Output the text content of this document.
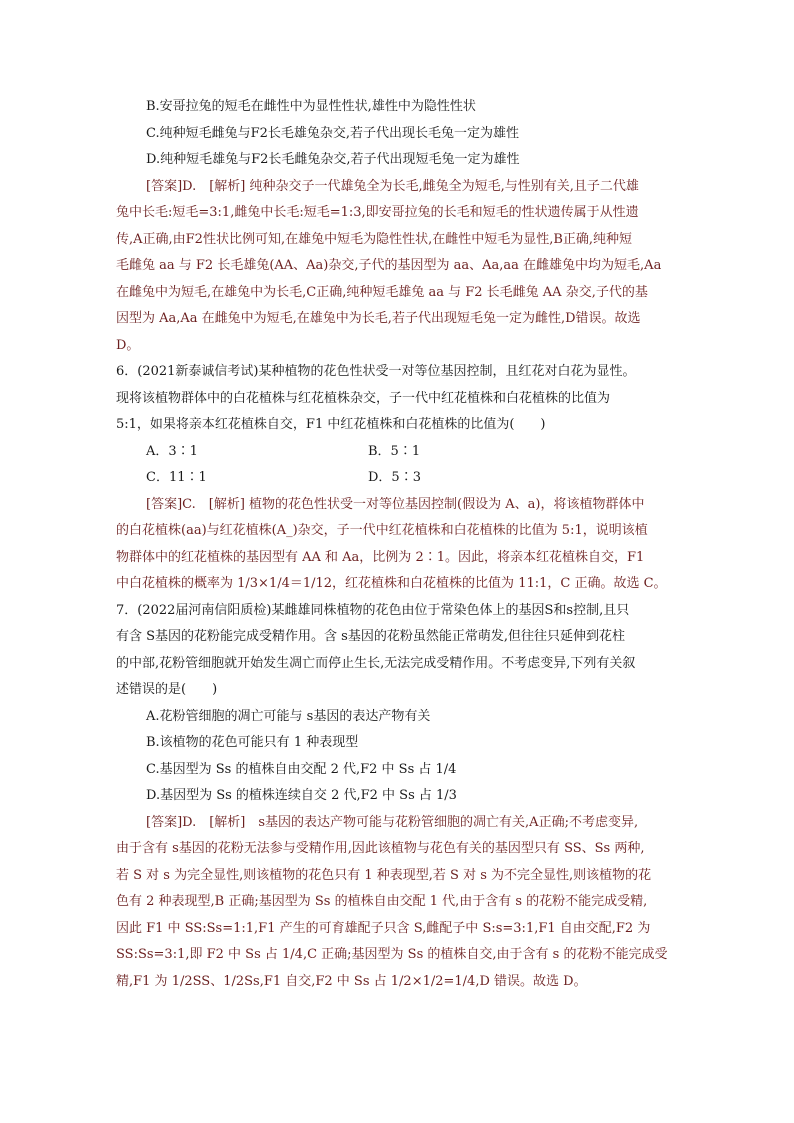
B.安哥拉兔的短毛在雌性中为显性性状,雄性中为隐性性状
C.纯种短毛雌兔与F2长毛雄兔杂交,若子代出现长毛兔一定为雄性
D.纯种短毛雄兔与F2长毛雌兔杂交,若子代出现短毛兔一定为雄性
[答案]D.　[解析] 纯种杂交子一代雄兔全为长毛,雌兔全为短毛,与性别有关,且子二代雄
兔中长毛:短毛=3:1,雌兔中长毛:短毛=1:3,即安哥拉兔的长毛和短毛的性状遗传属于从性遗
传,A正确,由F2性状比例可知,在雄兔中短毛为隐性性状,在雌性中短毛为显性,B正确,纯种短
毛雌兔 aa 与 F2 长毛雄兔(AA、Aa)杂交,子代的基因型为 aa、Aa,aa 在雌雄兔中均为短毛,Aa
在雌兔中为短毛,在雄兔中为长毛,C正确,纯种短毛雄兔 aa 与 F2 长毛雌兔 AA 杂交,子代的基
因型为 Aa,Aa 在雌兔中为短毛,在雄兔中为长毛,若子代出现短毛兔一定为雌性,D错误。故选
D。
6．(2021新泰诚信考试)某种植物的花色性状受一对等位基因控制，且红花对白花为显性。
现将该植物群体中的白花植株与红花植株杂交，子一代中红花植株和白花植株的比值为
5:1，如果将亲本红花植株自交，F1 中红花植株和白花植株的比值为(　　)
A．3∶1	B．5∶1
C．11∶1	D．5∶3
[答案]C.　[解析] 植物的花色性状受一对等位基因控制(假设为 A、a)，将该植物群体中
的白花植株(aa)与红花植株(A_)杂交，子一代中红花植株和白花植株的比值为 5:1，说明该植
物群体中的红花植株的基因型有 AA 和 Aa，比例为 2∶1。因此，将亲本红花植株自交，F1
中白花植株的概率为 1/3×1/4＝1/12，红花植株和白花植株的比值为 11:1，C 正确。故选 C。
7．(2022届河南信阳质检)某雌雄同株植物的花色由位于常染色体上的基因S和s控制,且只
有含 S基因的花粉能完成受精作用。含 s基因的花粉虽然能正常萌发,但往往只延伸到花柱
的中部,花粉管细胞就开始发生凋亡而停止生长,无法完成受精作用。不考虑变异,下列有关叙
述错误的是(　　)
A.花粉管细胞的凋亡可能与 s基因的表达产物有关
B.该植物的花色可能只有 1 种表现型
C.基因型为 Ss 的植株自由交配 2 代,F2 中 Ss 占 1/4
D.基因型为 Ss 的植株连续自交 2 代,F2 中 Ss 占 1/3
[答案]D.　[解析]　s基因的表达产物可能与花粉管细胞的凋亡有关,A正确;不考虑变异,
由于含有 s基因的花粉无法参与受精作用,因此该植物与花色有关的基因型只有 SS、Ss 两种,
若 S 对 s 为完全显性,则该植物的花色只有 1 种表现型,若 S 对 s 为不完全显性,则该植物的花
色有 2 种表现型,B 正确;基因型为 Ss 的植株自由交配 1 代,由于含有 s 的花粉不能完成受精,
因此 F1 中 SS:Ss=1:1,F1 产生的可育雄配子只含 S,雌配子中 S:s=3:1,F1 自由交配,F2 为
SS:Ss=3:1,即 F2 中 Ss 占 1/4,C 正确;基因型为 Ss 的植株自交,由于含有 s 的花粉不能完成受
精,F1 为 1/2SS、1/2Ss,F1 自交,F2 中 Ss 占 1/2×1/2=1/4,D 错误。故选 D。
